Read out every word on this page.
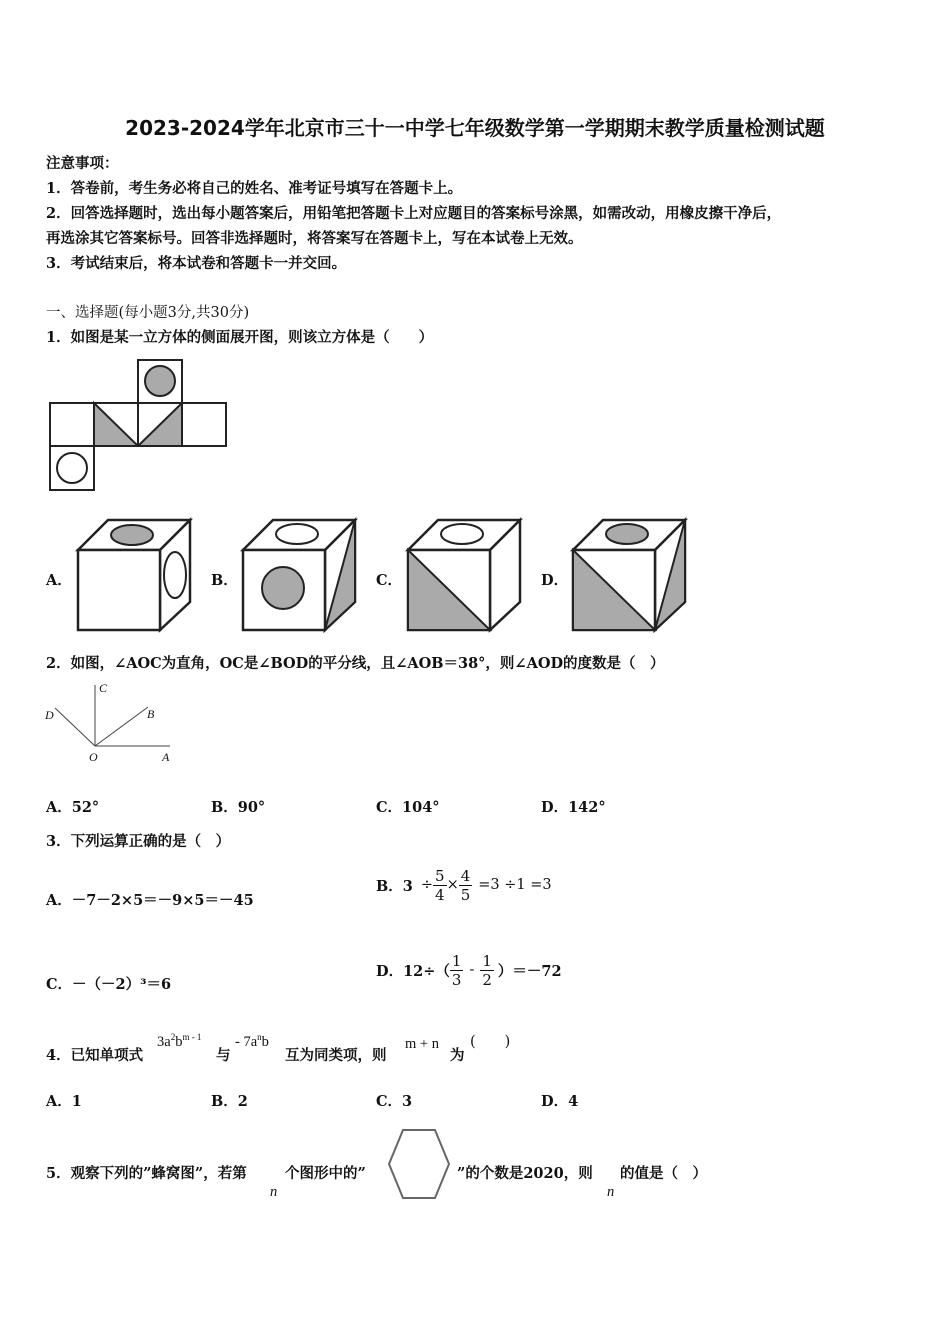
2023-2024学年北京市三十一中学七年级数学第一学期期末教学质量检测试题
注意事项：
1．答卷前，考生务必将自己的姓名、准考证号填写在答题卡上。
2．回答选择题时，选出每小题答案后，用铅笔把答题卡上对应题目的答案标号涂黑，如需改动，用橡皮擦干净后，
再选涂其它答案标号。回答非选择题时，将答案写在答题卡上，写在本试卷上无效。
3．考试结束后，将本试卷和答题卡一并交回。
一、选择题(每小题3分,共30分)
1．如图是某一立方体的侧面展开图，则该立方体是（　　）
A．	B．	C．	D．
2．如图，∠AOC为直角，OC是∠BOD的平分线，且∠AOB＝38°，则∠AOD的度数是（　）
C
D	B
O	A
A．52°	B．90°	C．104°	D．142°
3．下列运算正确的是（　）
A．－7－2×5＝－9×5＝－45
B．$3 \div \frac{5}{4} \times \frac{4}{5} =3 \div 1 =3$
C．－（－2）³＝6
D．$12\div( \frac{1}{3} - \frac{1}{2} )=-72$
4．已知单项式
$3a^2b^{m - 1}$
与
- $7a^nb$
互为同类项，则
m + n
为
(　　)
A．1	B．2	C．3	D．4
5．观察下列的”蜂窝图”，若第
n
个图形中的”	”的个数是2020，则
n
的值是（　）
